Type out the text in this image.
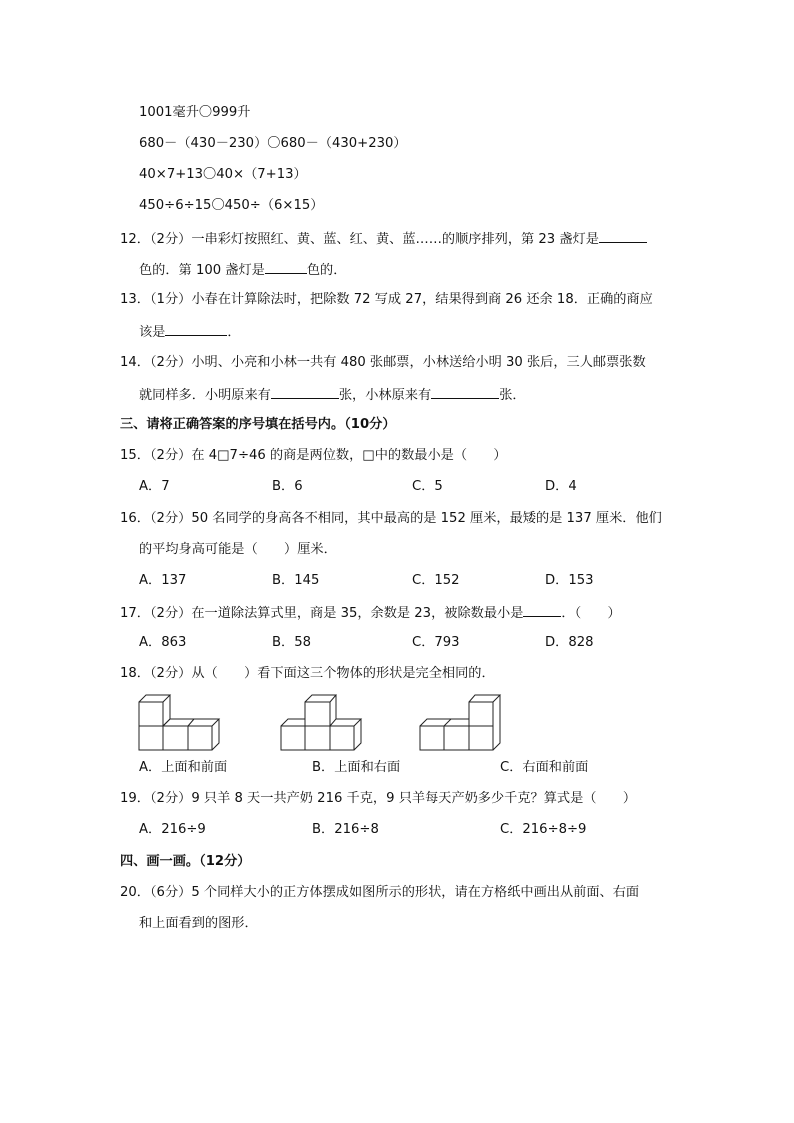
1001毫升〇999升
680－（430－230）〇680－（430+230）
40×7+13〇40×（7+13）
450÷6÷15〇450÷（6×15）
12．（2分）一串彩灯按照红、黄、蓝、红、黄、蓝……的顺序排列，第 23 盏灯是
色的．第 100 盏灯是	色的．
13．（1分）小春在计算除法时，把除数 72 写成 27，结果得到商 26 还余 18．正确的商应
该是	．
14．（2分）小明、小亮和小林一共有 480 张邮票，小林送给小明 30 张后，三人邮票张数
就同样多．小明原来有	张，小林原来有	张．
三、请将正确答案的序号填在括号内。（10分）
15．（2分）在 4□7÷46 的商是两位数，□中的数最小是（　　）
A．7	B．6	C．5	D．4
16．（2分）50 名同学的身高各不相同，其中最高的是 152 厘米，最矮的是 137 厘米．他们
的平均身高可能是（　　）厘米．
A．137	B．145	C．152	D．153
17．（2分）在一道除法算式里，商是 35，余数是 23，被除数最小是	．（　　）
A．863	B．58	C．793	D．828
18．（2分）从（　　）看下面这三个物体的形状是完全相同的．
A．上面和前面	B．上面和右面	C．右面和前面
19．（2分）9 只羊 8 天一共产奶 216 千克，9 只羊每天产奶多少千克？算式是（　　）
A．216÷9	B．216÷8	C．216÷8÷9
四、画一画。（12分）
20．（6分）5 个同样大小的正方体摆成如图所示的形状，请在方格纸中画出从前面、右面
和上面看到的图形．
